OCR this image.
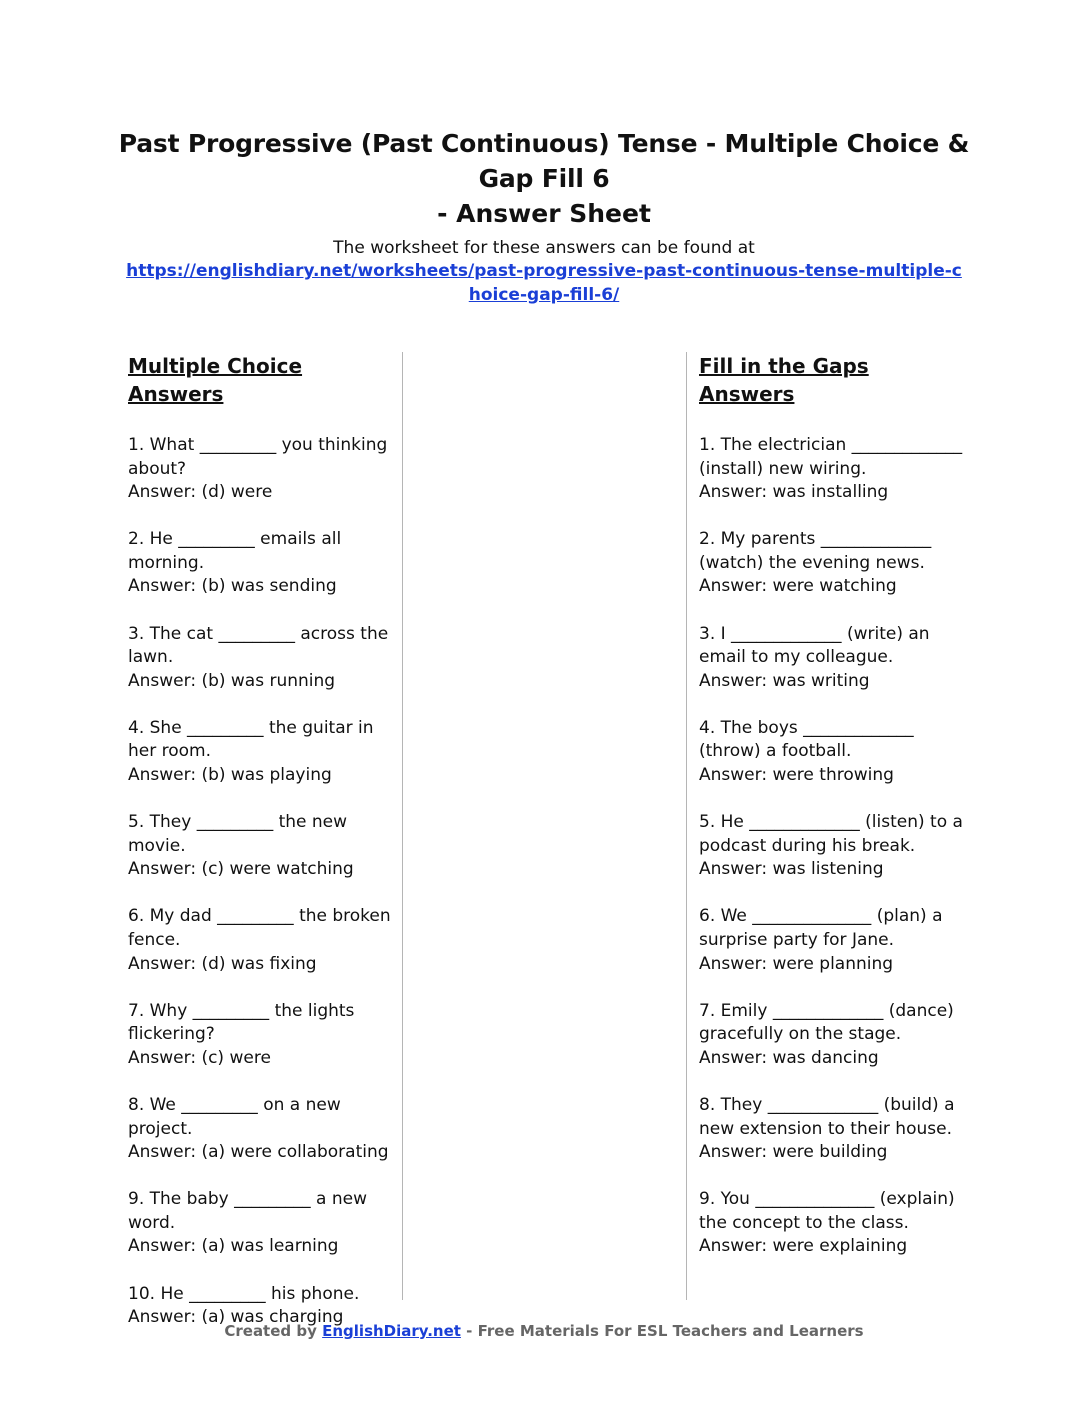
Past Progressive (Past Continuous) Tense - Multiple Choice & Gap Fill 6
- Answer Sheet
The worksheet for these answers can be found at
https://englishdiary.net/worksheets/past-progressive-past-continuous-tense-multiple-choice-gap-fill-6/
Multiple Choice Answers
1. What _________ you thinking about?
Answer: (d) were
2. He _________ emails all morning.
Answer: (b) was sending
3. The cat _________ across the lawn.
Answer: (b) was running
4. She _________ the guitar in her room.
Answer: (b) was playing
5. They _________ the new movie.
Answer: (c) were watching
6. My dad _________ the broken fence.
Answer: (d) was fixing
7. Why _________ the lights flickering?
Answer: (c) were
8. We _________ on a new project.
Answer: (a) were collaborating
9. The baby _________ a new word.
Answer: (a) was learning
10. He _________ his phone.
Answer: (a) was charging
Fill in the Gaps Answers
1. The electrician _____________ (install) new wiring.
Answer: was installing
2. My parents _____________ (watch) the evening news.
Answer: were watching
3. I _____________ (write) an email to my colleague.
Answer: was writing
4. The boys _____________ (throw) a football.
Answer: were throwing
5. He _____________ (listen) to a podcast during his break.
Answer: was listening
6. We ______________ (plan) a surprise party for Jane.
Answer: were planning
7. Emily _____________ (dance) gracefully on the stage.
Answer: was dancing
8. They _____________ (build) a new extension to their house.
Answer: were building
9. You ______________ (explain) the concept to the class.
Answer: were explaining
Created by EnglishDiary.net - Free Materials For ESL Teachers and Learners
